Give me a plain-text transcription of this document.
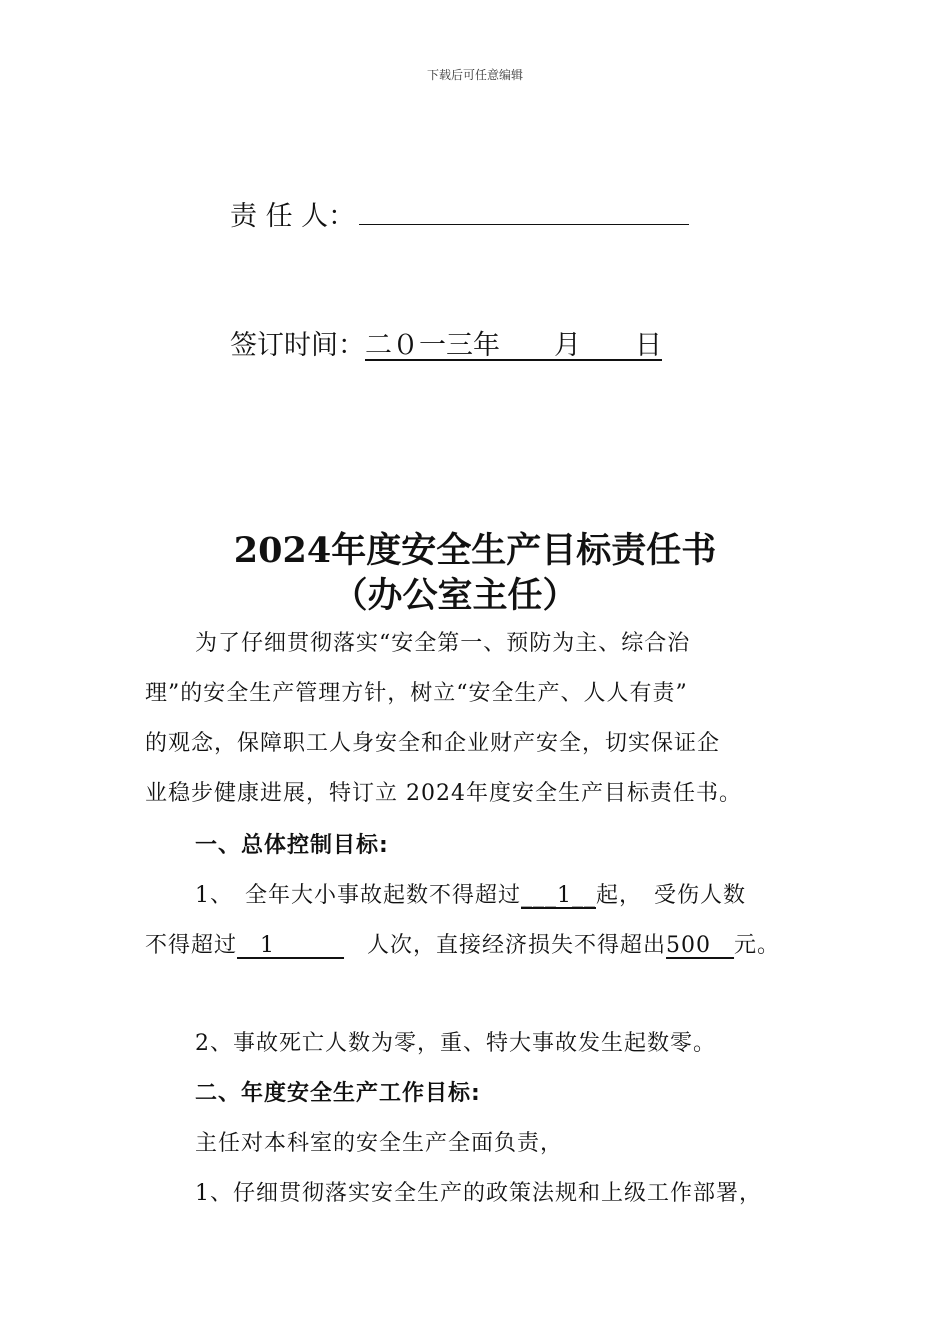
下载后可任意编辑
责 任 人：
签订时间：二０一三年　　月　　日
2024年度安全生产目标责任书
（办公室主任）
为了仔细贯彻落实“安全第一、预防为主、综合治
理”的安全生产管理方针，树立“安全生产、人人有责”
的观念，保障职工人身安全和企业财产安全，切实保证企
业稳步健康进展，特订立 2024年度安全生产目标责任书。
一、总体控制目标:
1、　全年大小事故起数不得超过___1__起，　受伤人数
不得超过　1　　　　人次，直接经济损失不得超出500　元。
2、事故死亡人数为零，重、特大事故发生起数零。
二、年度安全生产工作目标:
主任对本科室的安全生产全面负责，
1、仔细贯彻落实安全生产的政策法规和上级工作部署，
